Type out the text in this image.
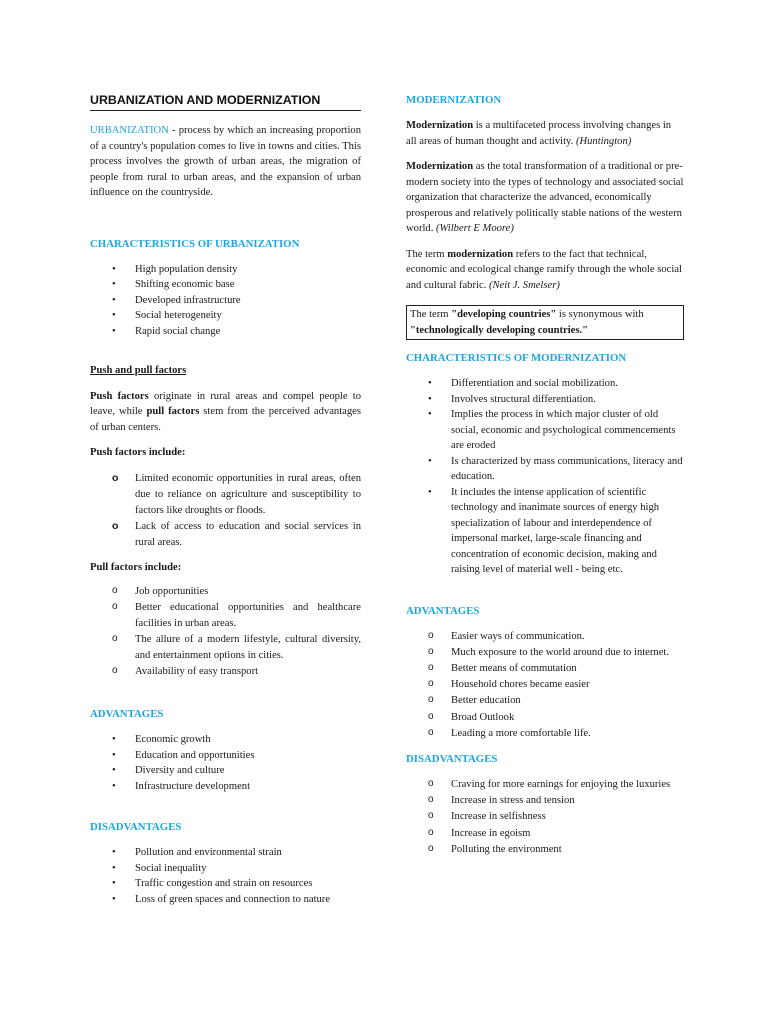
URBANIZATION AND MODERNIZATION

URBANIZATION - process by which an increasing proportion of a country's population comes to live in towns and cities. This process involves the growth of urban areas, the migration of people from rural to urban areas, and the expansion of urban influence on the countryside.

CHARACTERISTICS OF URBANIZATION
• High population density
• Shifting economic base
• Developed infrastructure
• Social heterogeneity
• Rapid social change

Push and pull factors

Push factors originate in rural areas and compel people to leave, while pull factors stem from the perceived advantages of urban centers.

Push factors include:

o Limited economic opportunities in rural areas, often due to reliance on agriculture and susceptibility to factors like droughts or floods.
o Lack of access to education and social services in rural areas.

Pull factors include:

o Job opportunities
o Better educational opportunities and healthcare facilities in urban areas.
o The allure of a modern lifestyle, cultural diversity, and entertainment options in cities.
o Availability of easy transport
ADVANTAGES
• Economic growth
• Education and opportunities
• Diversity and culture
• Infrastructure development
DISADVANTAGES
• Pollution and environmental strain
• Social inequality
• Traffic congestion and strain on resources
• Loss of green spaces and connection to nature
MODERNIZATION

Modernization is a multifaceted process involving changes in all areas of human thought and activity. (Huntington)

Modernization as the total transformation of a traditional or pre-modern society into the types of technology and associated social organization that characterize the advanced, economically prosperous and relatively politically stable nations of the western world. (Wilbert E Moore)

The term modernization refers to the fact that technical, economic and ecological change ramify through the whole social and cultural fabric. (Neit J. Smelser)

The term "developing countries" is synonymous with "technologically developing countries."

CHARACTERISTICS OF MODERNIZATION
• Differentiation and social mobilization.
• Involves structural differentiation.
• Implies the process in which major cluster of old social, economic and psychological commencements are eroded
• Is characterized by mass communications, literacy and education.
• It includes the intense application of scientific technology and inanimate sources of energy high specialization of labour and interdependence of impersonal market, large-scale financing and concentration of economic decision, making and raising level of material well - being etc.
ADVANTAGES
o Easier ways of communication.
o Much exposure to the world around due to internet.
o Better means of commutation
o Household chores became easier
o Better education
o Broad Outlook
o Leading a more comfortable life.
DISADVANTAGES
o Craving for more earnings for enjoying the luxuries
o Increase in stress and tension
o Increase in selfishness
o Increase in egoism
o Polluting the environment
